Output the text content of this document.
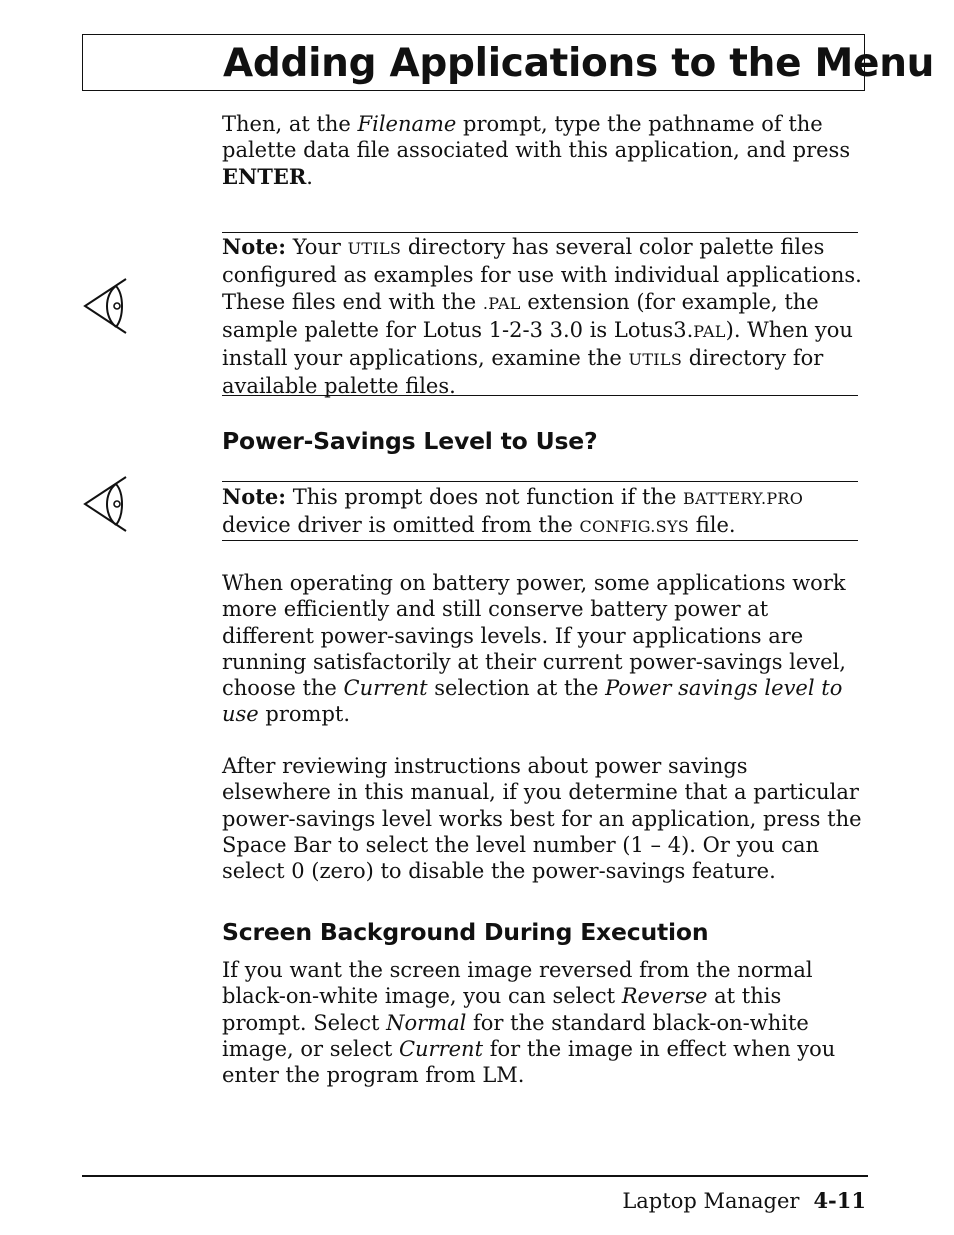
Adding Applications to the Menu
Then, at the Filename prompt, type the pathname of the palette data file associated with this application, and press ENTER.
Note: Your UTILS directory has several color palette files configured as examples for use with individual applications. These files end with the .PAL extension (for example, the sample palette for Lotus 1-2-3 3.0 is Lotus3.PAL). When you install your applications, examine the UTILS directory for available palette files.
Power-Savings Level to Use?
Note: This prompt does not function if the BATTERY.PRO device driver is omitted from the CONFIG.SYS file.
When operating on battery power, some applications work more efficiently and still conserve battery power at different power-savings levels. If your applications are running satisfactorily at their current power-savings level, choose the Current selection at the Power savings level to use prompt.
After reviewing instructions about power savings elsewhere in this manual, if you determine that a particular power-savings level works best for an application, press the Space Bar to select the level number (1 – 4). Or you can select 0 (zero) to disable the power-savings feature.
Screen Background During Execution
If you want the screen image reversed from the normal black-on-white image, you can select Reverse at this prompt. Select Normal for the standard black-on-white image, or select Current for the image in effect when you enter the program from LM.
Laptop Manager 4-11
